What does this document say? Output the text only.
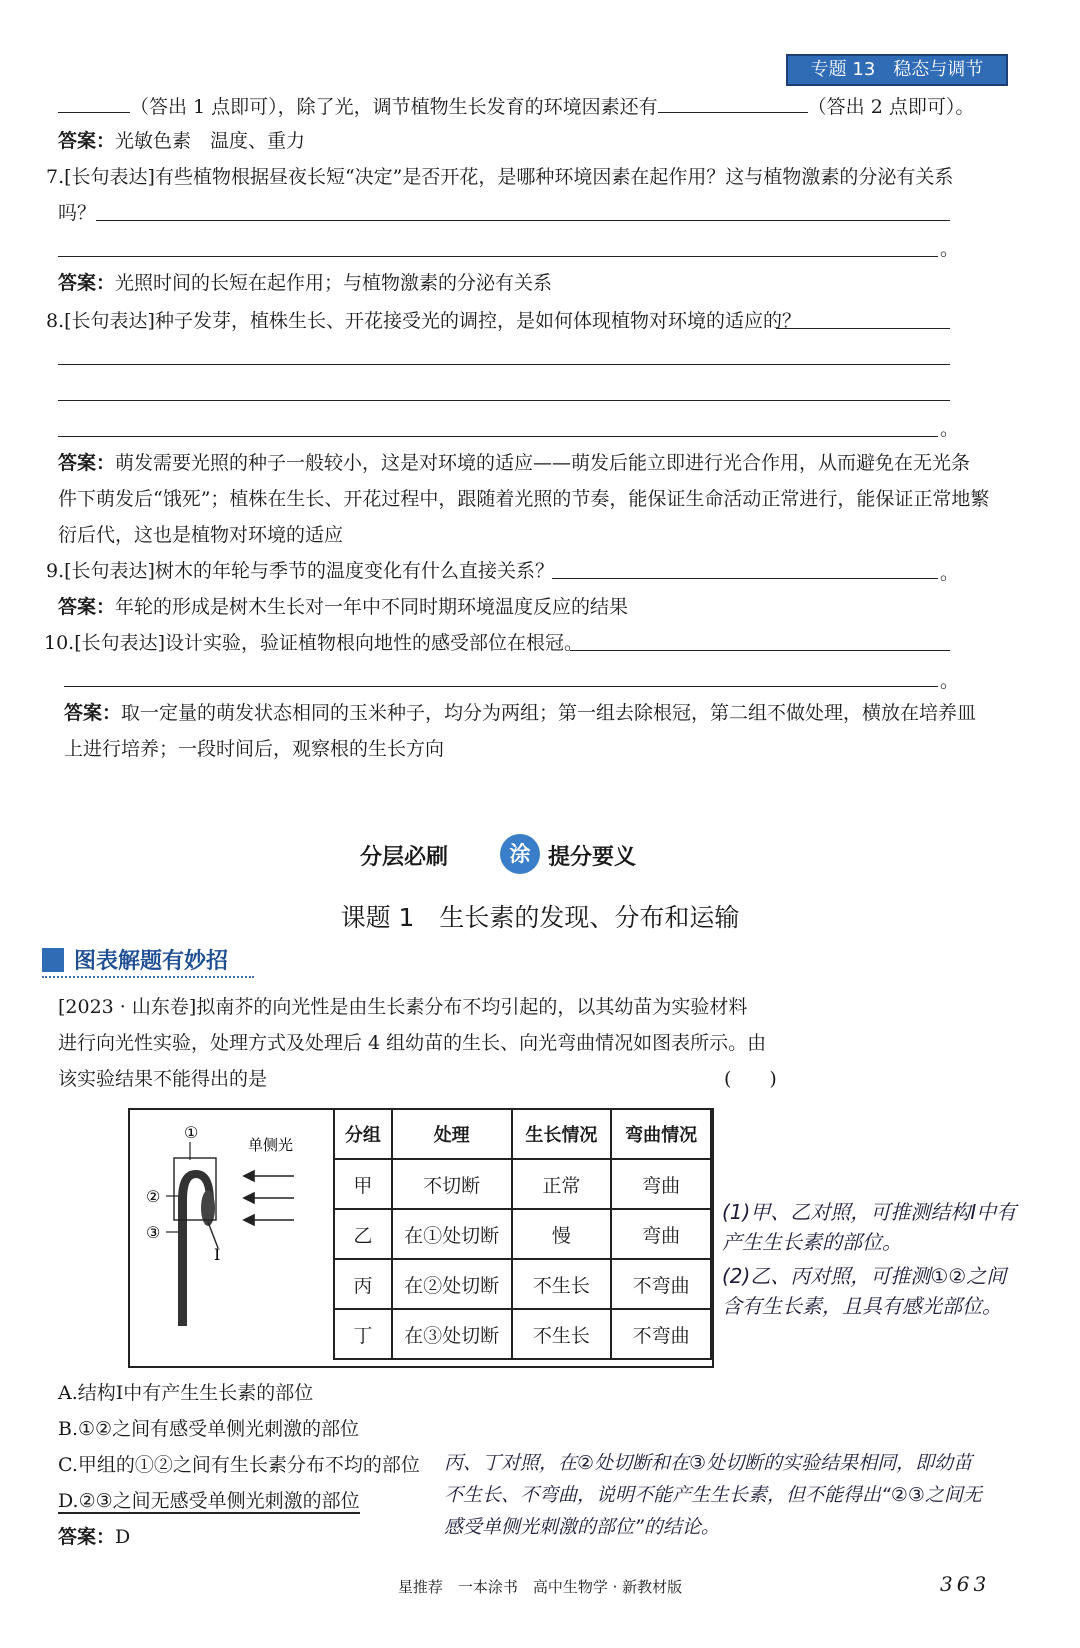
专题 13　稳态与调节
（答出 1 点即可），除了光，调节植物生长发育的环境因素还有	（答出 2 点即可）。
答案：光敏色素　温度、重力
7.[长句表达]有些植物根据昼夜长短“决定”是否开花，是哪种环境因素在起作用？这与植物激素的分泌有关系
吗？
。
答案：光照时间的长短在起作用；与植物激素的分泌有关系
8.[长句表达]种子发芽，植株生长、开花接受光的调控，是如何体现植物对环境的适应的？
。
答案：萌发需要光照的种子一般较小，这是对环境的适应——萌发后能立即进行光合作用，从而避免在无光条
件下萌发后“饿死”；植株在生长、开花过程中，跟随着光照的节奏，能保证生命活动正常进行，能保证正常地繁
衍后代，这也是植物对环境的适应
9.[长句表达]树木的年轮与季节的温度变化有什么直接关系？	。
答案：年轮的形成是树木生长对一年中不同时期环境温度反应的结果
10.[长句表达]设计实验，验证植物根向地性的感受部位在根冠。
。
答案：取一定量的萌发状态相同的玉米种子，均分为两组；第一组去除根冠，第二组不做处理，横放在培养皿
上进行培养；一段时间后，观察根的生长方向
分层必刷	涂 提分要义
课题 1　生长素的发现、分布和运输
图表解题有妙招
[2023 · 山东卷]拟南芥的向光性是由生长素分布不均引起的，以其幼苗为实验材料
进行向光性实验，处理方式及处理后 4 组幼苗的生长、向光弯曲情况如图表所示。由
该实验结果不能得出的是	(　　)
①
②
③
I
单侧光	分组	处理	生长情况	弯曲情况
甲	不切断	正常	弯曲
乙	在①处切断	慢	弯曲
丙	在②处切断	不生长	不弯曲
丁	在③处切断	不生长	不弯曲
(1)甲、乙对照，可推测结构I中有
产生生长素的部位。
(2)乙、丙对照，可推测①②之间
含有生长素，且具有感光部位。
A.结构Ⅰ中有产生生长素的部位
B.①②之间有感受单侧光刺激的部位
C.甲组的①②之间有生长素分布不均的部位
D.②③之间无感受单侧光刺激的部位
答案：D
丙、丁对照，在②处切断和在③处切断的实验结果相同，即幼苗
不生长、不弯曲，说明不能产生生长素，但不能得出“②③之间无
感受单侧光刺激的部位”的结论。
星推荐　一本涂书　高中生物学 · 新教材版	363
